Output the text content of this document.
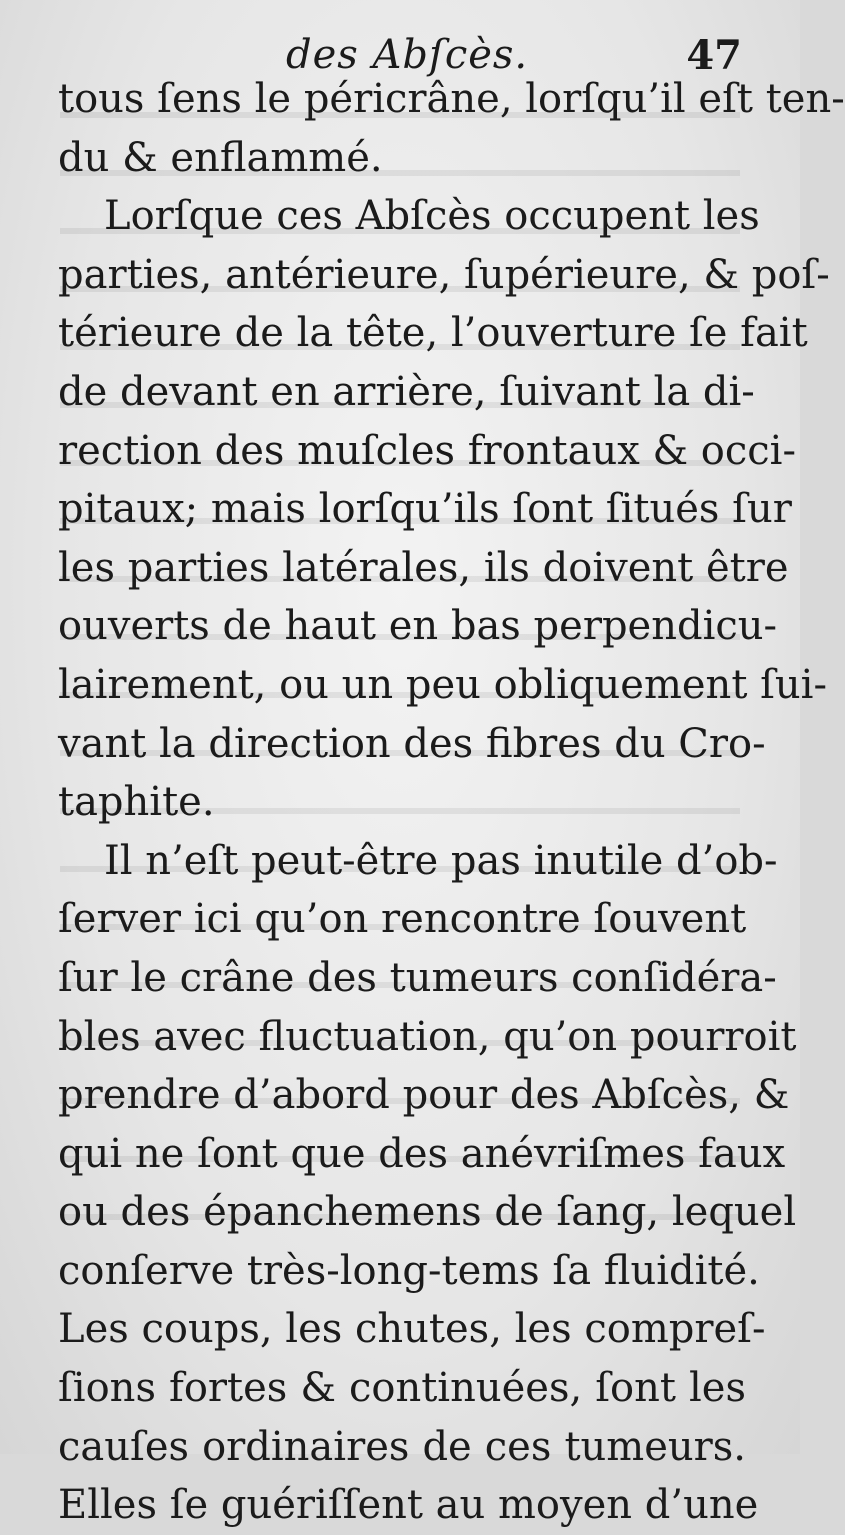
des Abſcès.	47
tous ſens le péricrâne, lorſqu’il eſt ten-
du & enflammé.
Lorſque ces Abſcès occupent les
parties, antérieure, ſupérieure, & poſ-
térieure de la tête, l’ouverture ſe fait
de devant en arrière, ſuivant la di-
rection des muſcles frontaux & occi-
pitaux; mais lorſqu’ils ſont ſitués ſur
les parties latérales, ils doivent être
ouverts de haut en bas perpendicu-
lairement, ou un peu obliquement ſui-
vant la direction des fibres du Cro-
taphite.
Il n’eſt peut-être pas inutile d’ob-
ſerver ici qu’on rencontre ſouvent
ſur le crâne des tumeurs conſidéra-
bles avec fluctuation, qu’on pourroit
prendre d’abord pour des Abſcès, &
qui ne ſont que des anévriſmes faux
ou des épanchemens de ſang, lequel
conſerve très-long-tems ſa fluidité.
Les coups, les chutes, les compreſ-
ſions fortes & continuées, ſont les
cauſes ordinaires de ces tumeurs.
Elles ſe guériſſent au moyen d’une
